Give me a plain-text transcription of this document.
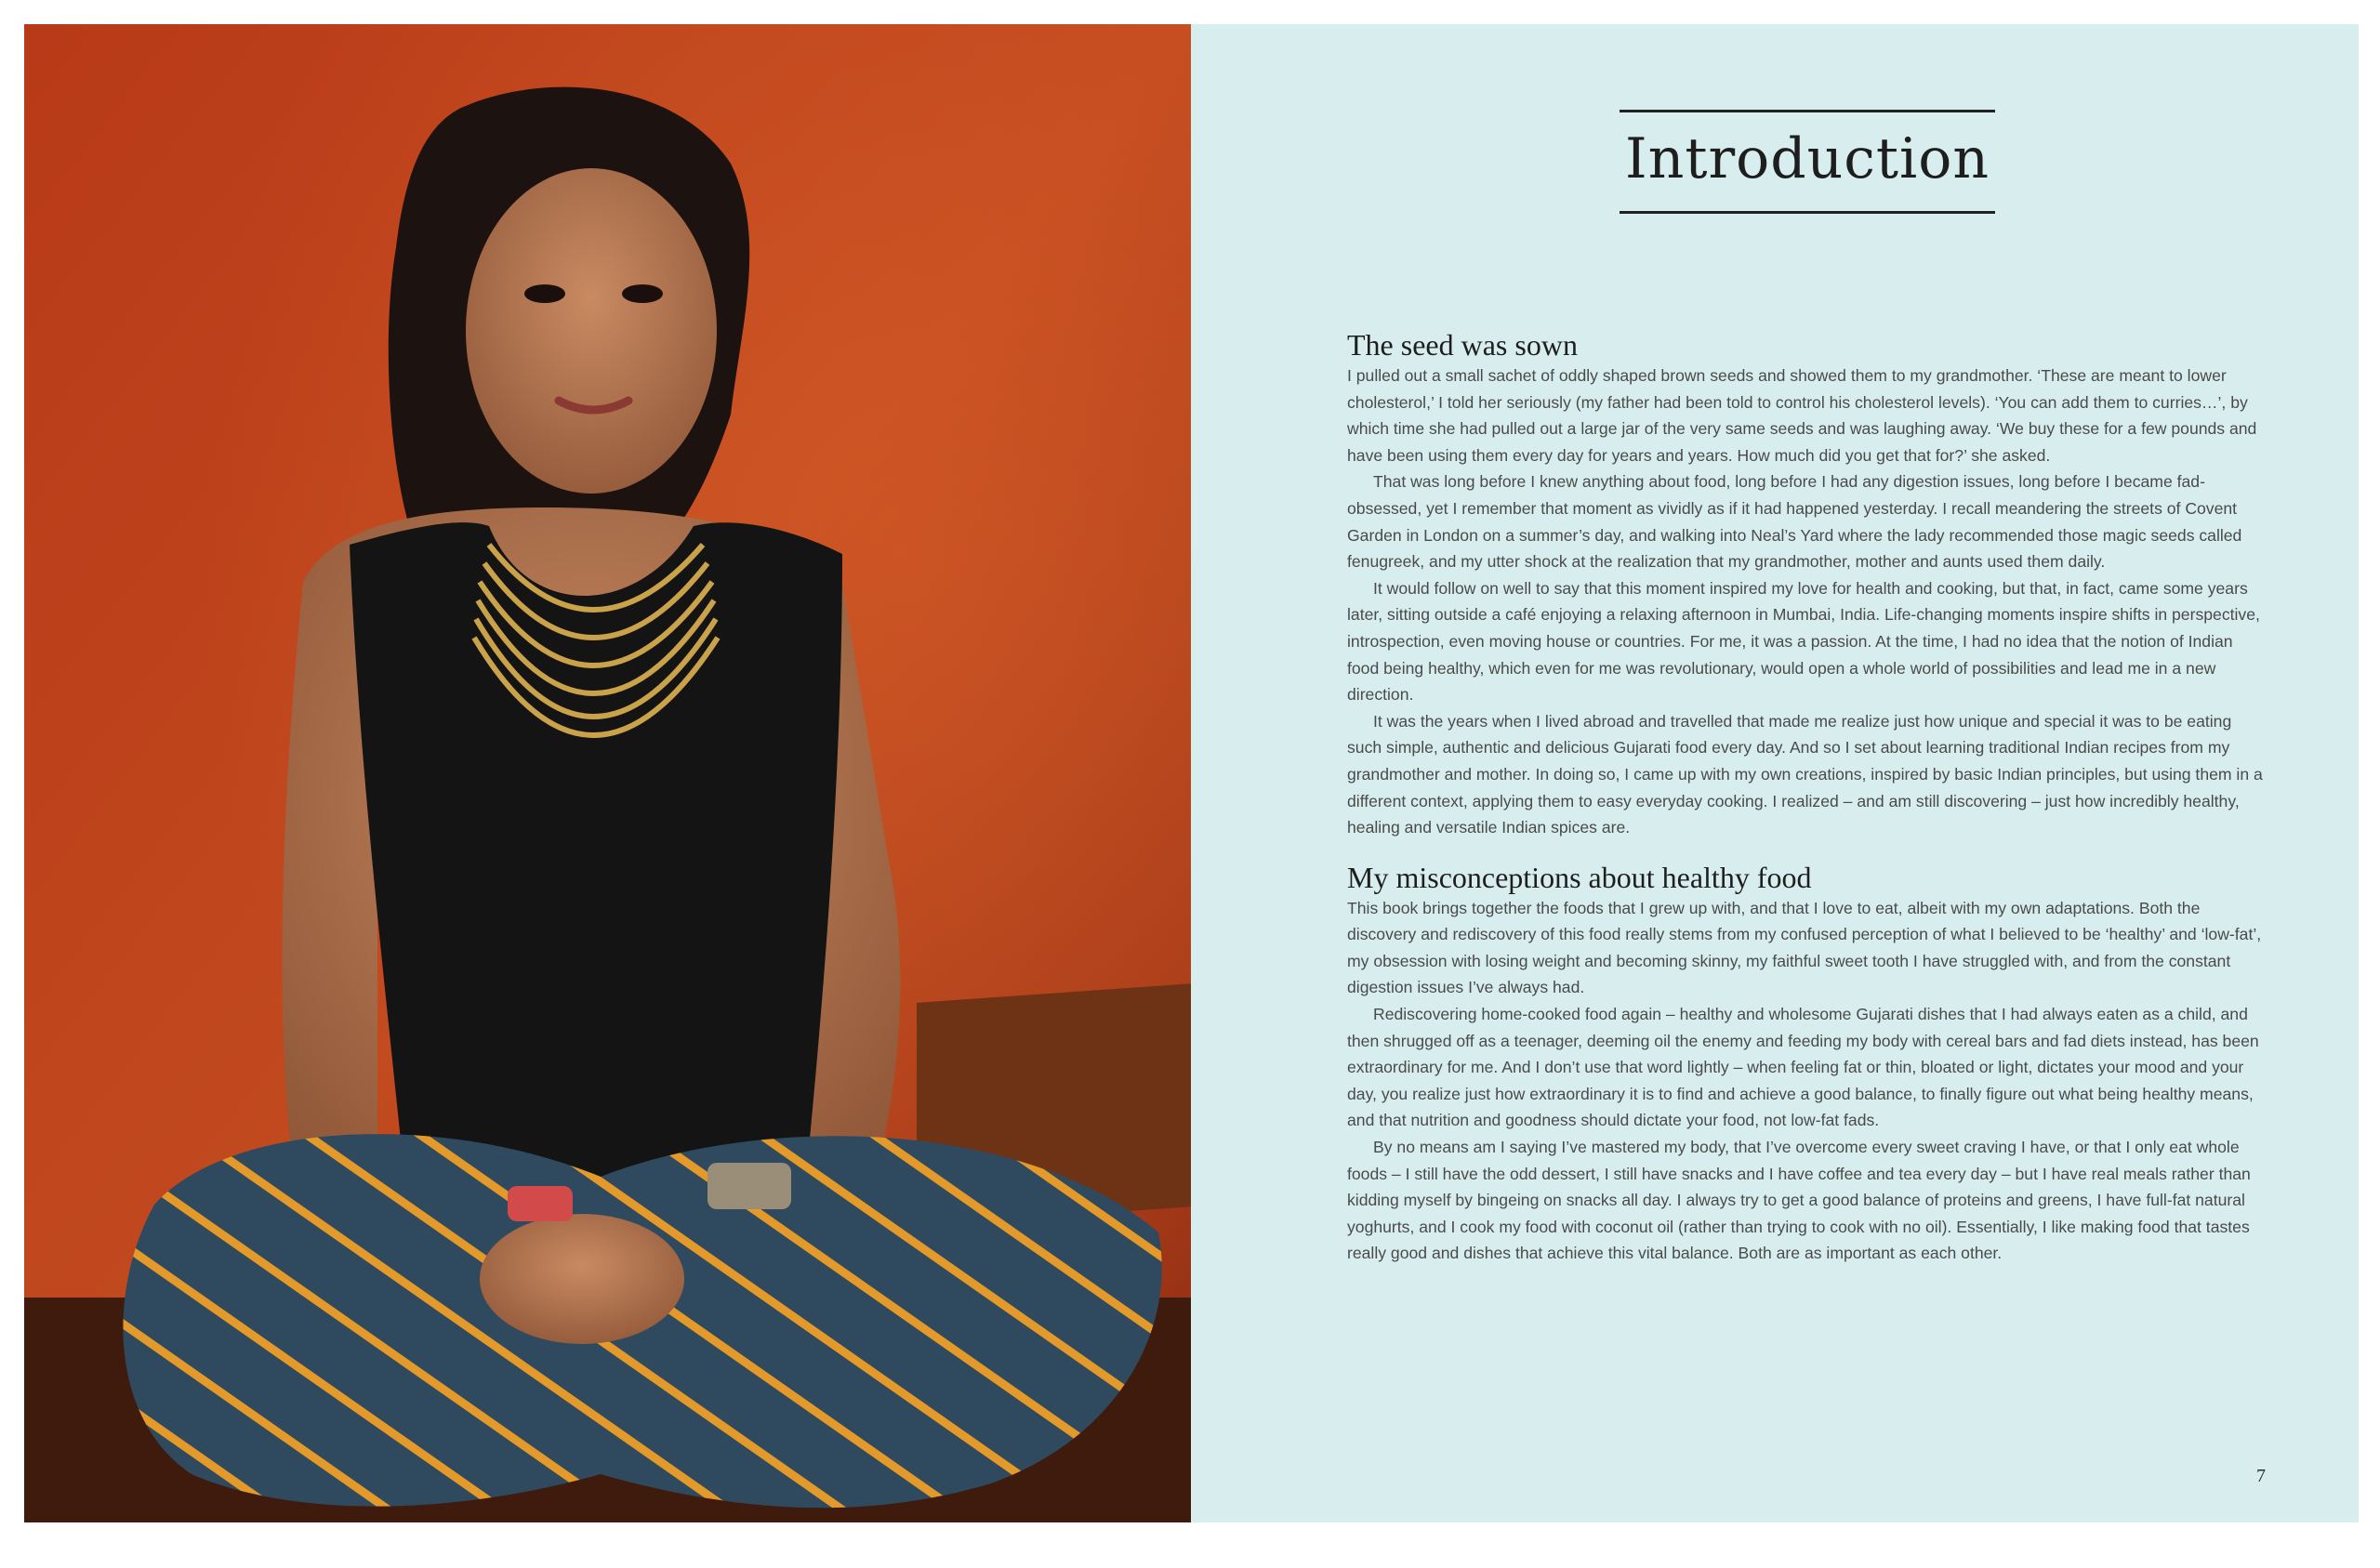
Introduction
The seed was sown

I pulled out a small sachet of oddly shaped brown seeds and showed them to my grandmother. ‘These are meant to lower cholesterol,’ I told her seriously (my father had been told to control his cholesterol levels). ‘You can add them to curries…’, by which time she had pulled out a large jar of the very same seeds and was laughing away. ‘We buy these for a few pounds and have been using them every day for years and years. How much did you get that for?’ she asked.

That was long before I knew anything about food, long before I had any digestion issues, long before I became fad-obsessed, yet I remember that moment as vividly as if it had happened yesterday. I recall meandering the streets of Covent Garden in London on a summer’s day, and walking into Neal’s Yard where the lady recommended those magic seeds called fenugreek, and my utter shock at the realization that my grandmother, mother and aunts used them daily.

It would follow on well to say that this moment inspired my love for health and cooking, but that, in fact, came some years later, sitting outside a café enjoying a relaxing afternoon in Mumbai, India. Life-changing moments inspire shifts in perspective, introspection, even moving house or countries. For me, it was a passion. At the time, I had no idea that the notion of Indian food being healthy, which even for me was revolutionary, would open a whole world of possibilities and lead me in a new direction.

It was the years when I lived abroad and travelled that made me realize just how unique and special it was to be eating such simple, authentic and delicious Gujarati food every day. And so I set about learning traditional Indian recipes from my grandmother and mother. In doing so, I came up with my own creations, inspired by basic Indian principles, but using them in a different context, applying them to easy everyday cooking. I realized – and am still discovering – just how incredibly healthy, healing and versatile Indian spices are.

My misconceptions about healthy food

This book brings together the foods that I grew up with, and that I love to eat, albeit with my own adaptations. Both the discovery and rediscovery of this food really stems from my confused perception of what I believed to be ‘healthy’ and ‘low-fat’, my obsession with losing weight and becoming skinny, my faithful sweet tooth I have struggled with, and from the constant digestion issues I’ve always had.

Rediscovering home-cooked food again – healthy and wholesome Gujarati dishes that I had always eaten as a child, and then shrugged off as a teenager, deeming oil the enemy and feeding my body with cereal bars and fad diets instead, has been extraordinary for me. And I don’t use that word lightly – when feeling fat or thin, bloated or light, dictates your mood and your day, you realize just how extraordinary it is to find and achieve a good balance, to finally figure out what being healthy means, and that nutrition and goodness should dictate your food, not low-fat fads.

By no means am I saying I’ve mastered my body, that I’ve overcome every sweet craving I have, or that I only eat whole foods – I still have the odd dessert, I still have snacks and I have coffee and tea every day – but I have real meals rather than kidding myself by bingeing on snacks all day. I always try to get a good balance of proteins and greens, I have full-fat natural yoghurts, and I cook my food with coconut oil (rather than trying to cook with no oil). Essentially, I like making food that tastes really good and dishes that achieve this vital balance. Both are as important as each other.

7
